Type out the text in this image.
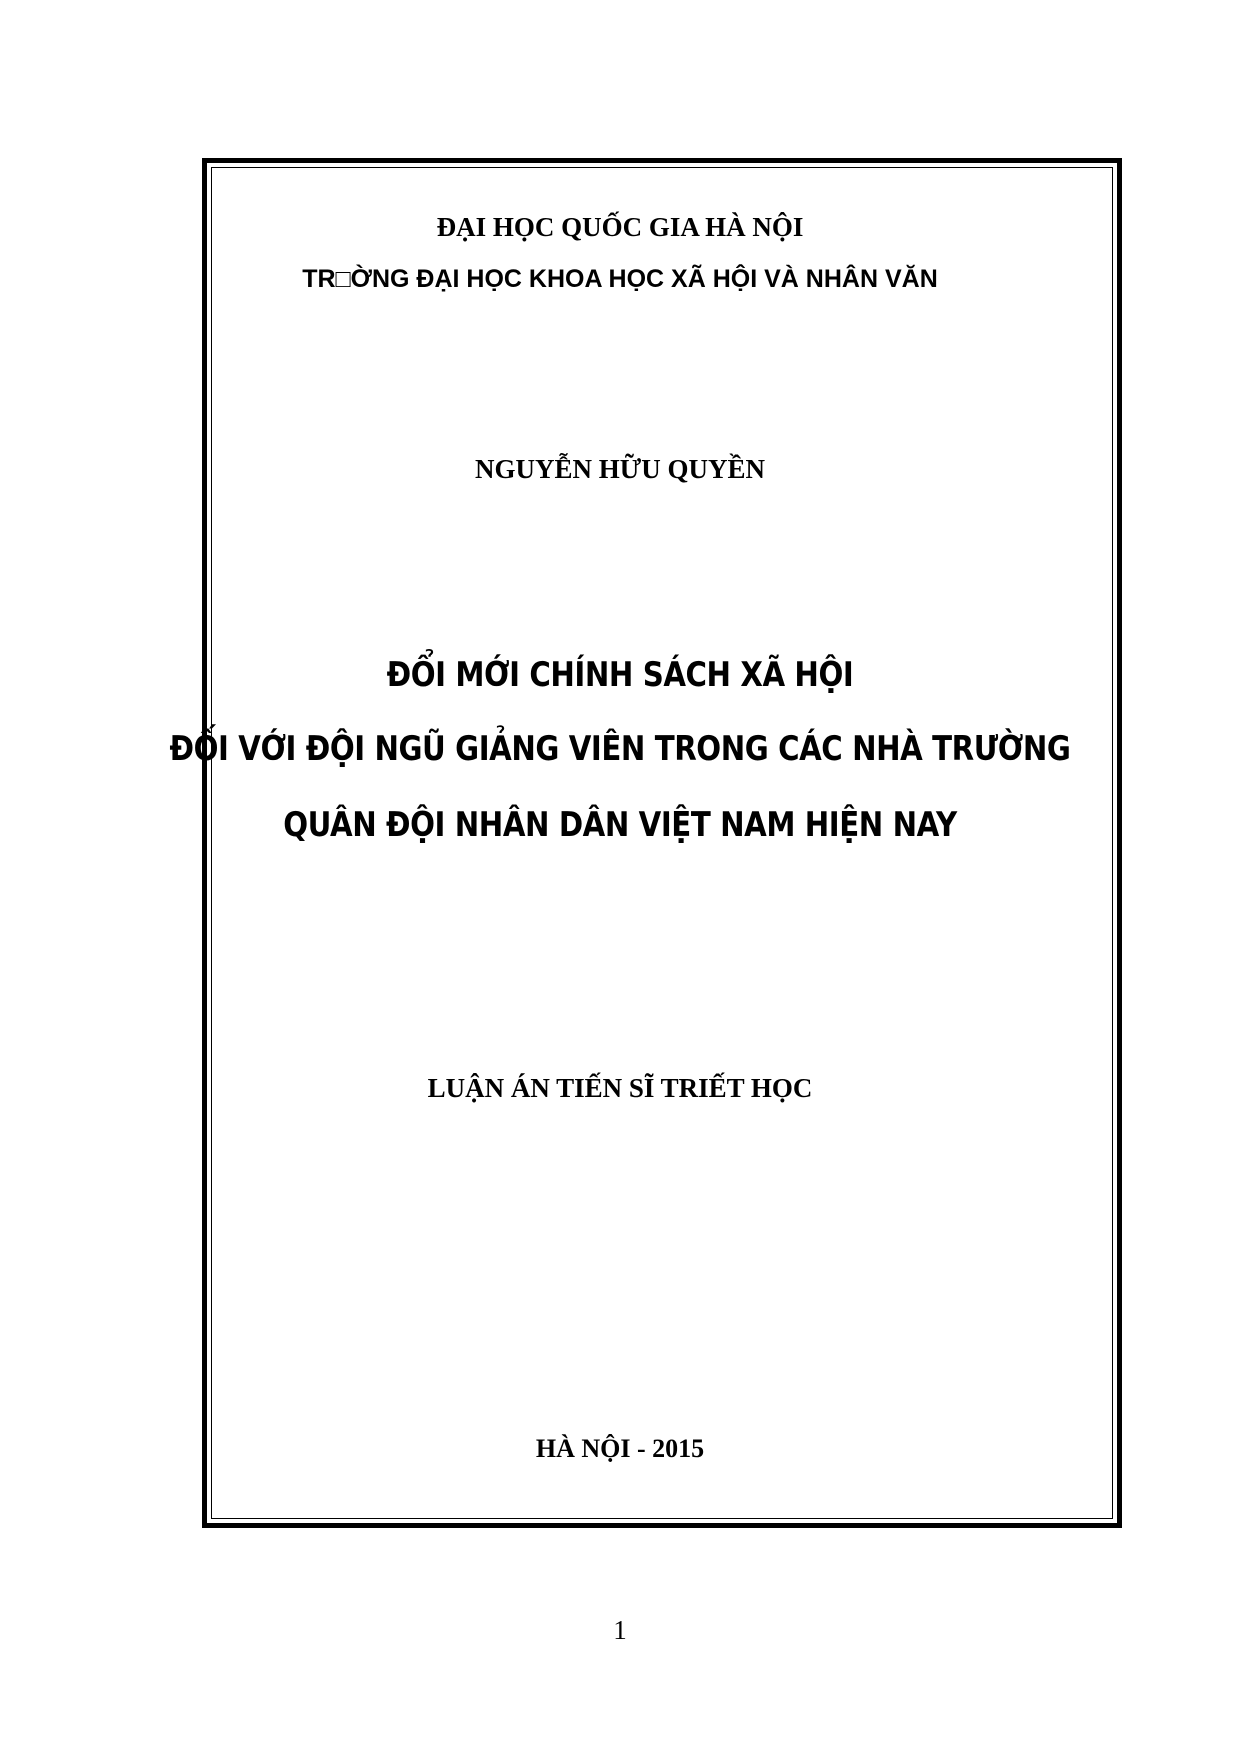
ĐẠI HỌC QUỐC GIA HÀ NỘI
TR□ỜNG ĐẠI HỌC KHOA HỌC XÃ HỘI VÀ NHÂN VĂN
NGUYỄN HỮU QUYỀN
ĐỔI MỚI CHÍNH SÁCH XÃ HỘI
ĐỐI VỚI ĐỘI NGŨ GIẢNG VIÊN TRONG CÁC NHÀ TRƯỜNG
QUÂN ĐỘI NHÂN DÂN VIỆT NAM HIỆN NAY
LUẬN ÁN TIẾN SĨ TRIẾT HỌC
HÀ NỘI - 2015
1
